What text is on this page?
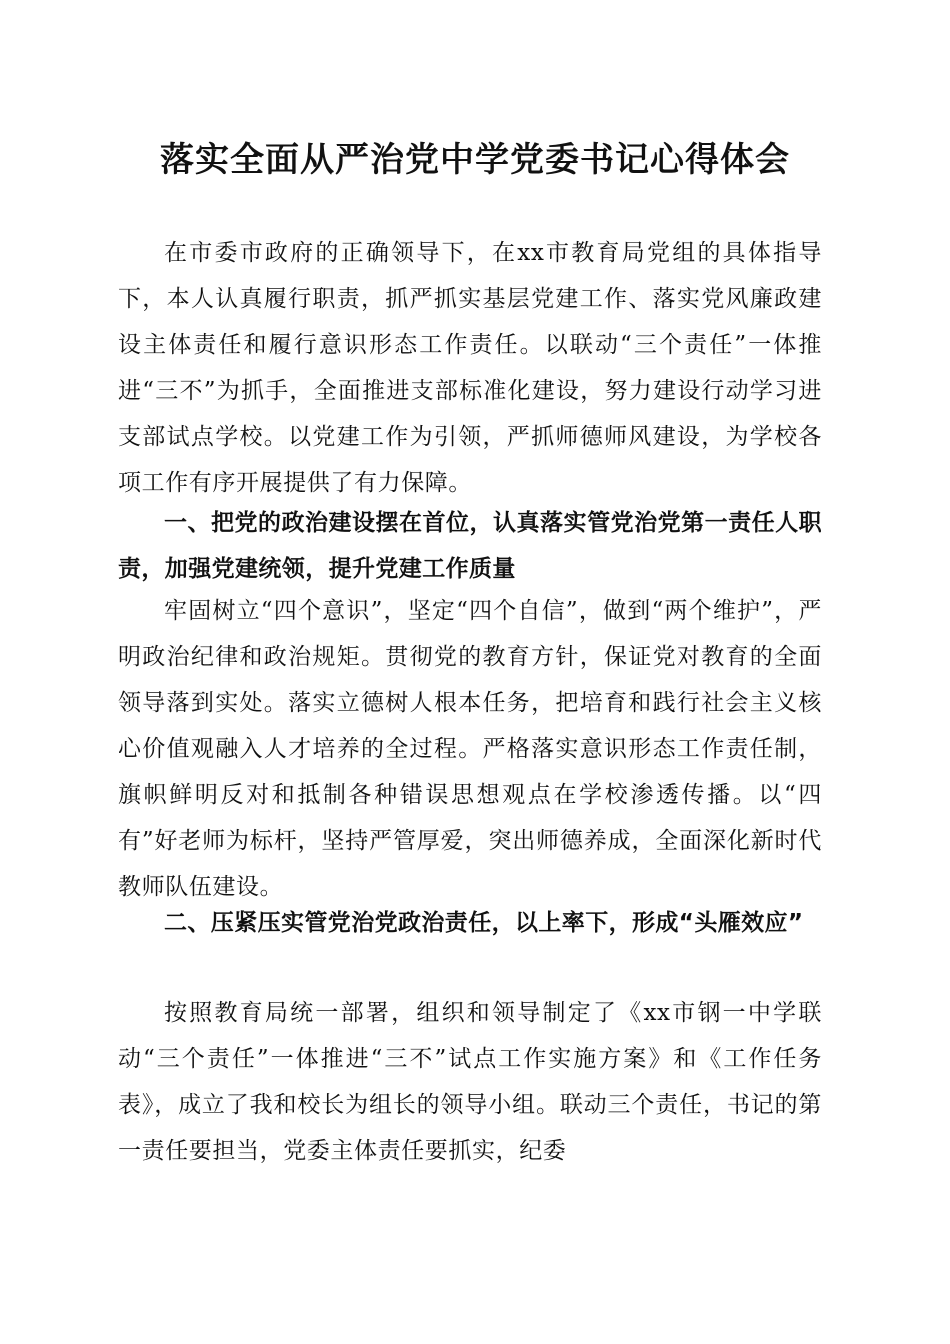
落实全面从严治党中学党委书记心得体会

在市委市政府的正确领导下，在xx市教育局党组的具体指导下，本人认真履行职责，抓严抓实基层党建工作、落实党风廉政建设主体责任和履行意识形态工作责任。以联动“三个责任”一体推进“三不”为抓手，全面推进支部标准化建设，努力建设行动学习进支部试点学校。以党建工作为引领，严抓师德师风建设，为学校各项工作有序开展提供了有力保障。

一、把党的政治建设摆在首位，认真落实管党治党第一责任人职责，加强党建统领，提升党建工作质量

牢固树立“四个意识”，坚定“四个自信”，做到“两个维护”，严明政治纪律和政治规矩。贯彻党的教育方针，保证党对教育的全面领导落到实处。落实立德树人根本任务，把培育和践行社会主义核心价值观融入人才培养的全过程。严格落实意识形态工作责任制，旗帜鲜明反对和抵制各种错误思想观点在学校渗透传播。以“四有”好老师为标杆，坚持严管厚爱，突出师德养成，全面深化新时代教师队伍建设。

二、压紧压实管党治党政治责任，以上率下，形成“头雁效应”

按照教育局统一部署，组织和领导制定了《xx市钢一中学联动“三个责任”一体推进“三不”试点工作实施方案》和《工作任务表》，成立了我和校长为组长的领导小组。联动三个责任，书记的第一责任要担当，党委主体责任要抓实，纪委
